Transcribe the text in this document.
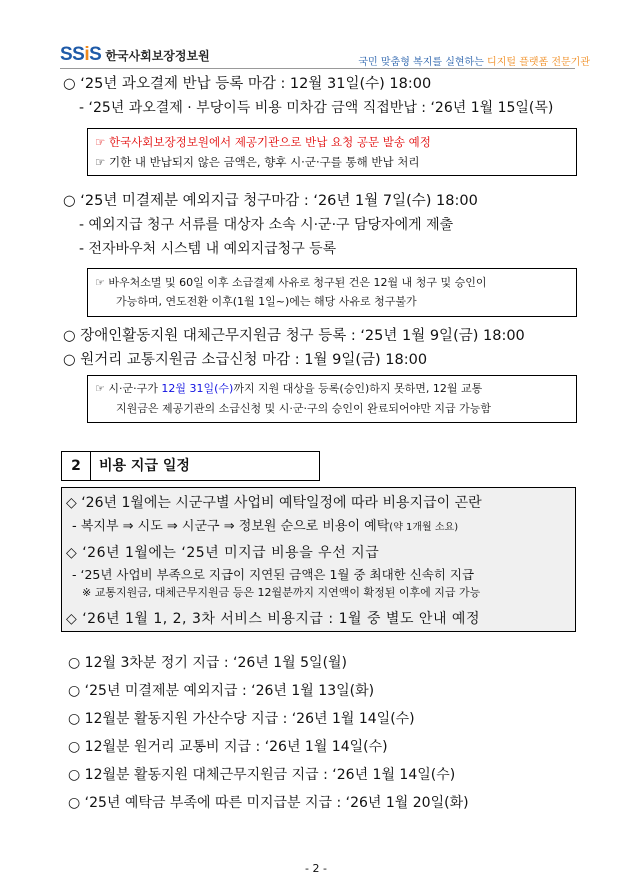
SSiS 한국사회보장정보원	국민 맞춤형 복지를 실현하는 디지털 플랫폼 전문기관
○ ‘25년 과오결제 반납 등록 마감 : 12월 31일(수) 18:00
- ‘25년 과오결제 · 부당이득 비용 미차감 금액 직접반납 : ‘26년 1월 15일(목)
☞ 한국사회보장정보원에서 제공기관으로 반납 요청 공문 발송 예정
☞ 기한 내 반납되지 않은 금액은, 향후 시·군·구를 통해 반납 처리
○ ‘25년 미결제분 예외지급 청구마감 : ‘26년 1월 7일(수) 18:00
- 예외지급 청구 서류를 대상자 소속 시·군·구 담당자에게 제출
- 전자바우처 시스템 내 예외지급청구 등록
☞ 바우처소멸 및 60일 이후 소급결제 사유로 청구된 건은 12월 내 청구 및 승인이
가능하며, 연도전환 이후(1월 1일~)에는 해당 사유로 청구불가
○ 장애인활동지원 대체근무지원금 청구 등록 : ‘25년 1월 9일(금) 18:00
○ 원거리 교통지원금 소급신청 마감 : 1월 9일(금) 18:00
☞ 시·군·구가 12월 31일(수)까지 지원 대상을 등록(승인)하지 못하면, 12월 교통
지원금은 제공기관의 소급신청 및 시·군·구의 승인이 완료되어야만 지급 가능함
2	비용 지급 일정
◇ ‘26년 1월에는 시군구별 사업비 예탁일정에 따라 비용지급이 곤란
- 복지부 ⇒ 시도 ⇒ 시군구 ⇒ 정보원 순으로 비용이 예탁(약 1개월 소요)
◇ ‘26년 1월에는 ‘25년 미지급 비용을 우선 지급
- ‘25년 사업비 부족으로 지급이 지연된 금액은 1월 중 최대한 신속히 지급
※ 교통지원금, 대체근무지원금 등은 12월분까지 지연액이 확정된 이후에 지급 가능
◇ ‘26년 1월 1, 2, 3차 서비스 비용지급 : 1월 중 별도 안내 예정
○ 12월 3차분 정기 지급 : ‘26년 1월 5일(월)
○ ‘25년 미결제분 예외지급 : ‘26년 1월 13일(화)
○ 12월분 활동지원 가산수당 지급 : ‘26년 1월 14일(수)
○ 12월분 원거리 교통비 지급 : ‘26년 1월 14일(수)
○ 12월분 활동지원 대체근무지원금 지급 : ‘26년 1월 14일(수)
○ ‘25년 예탁금 부족에 따른 미지급분 지급 : ‘26년 1월 20일(화)
- 2 -
